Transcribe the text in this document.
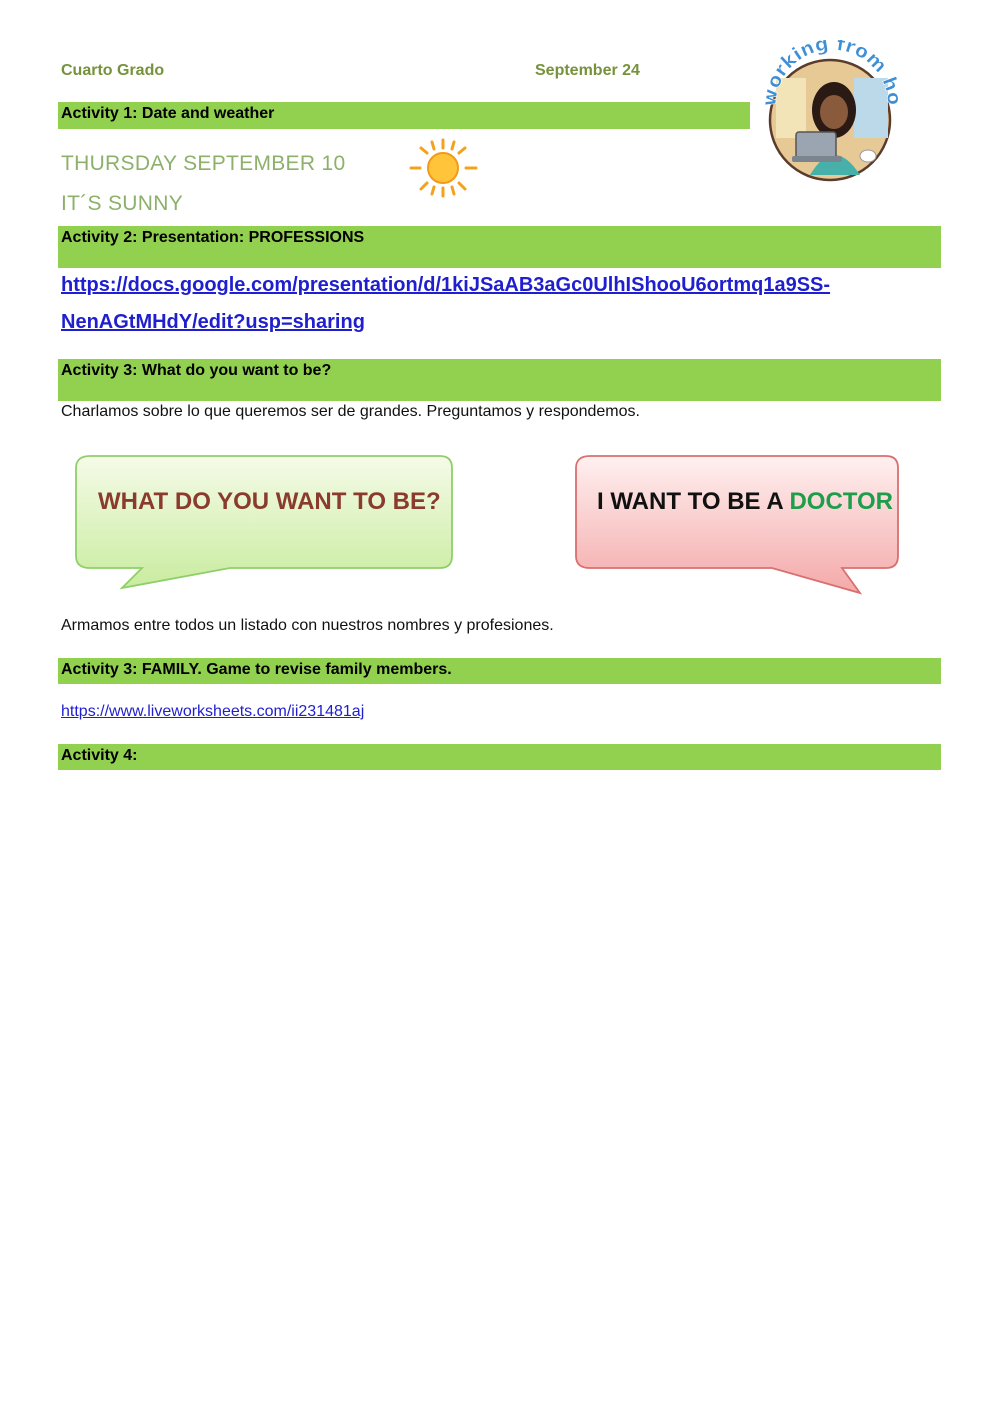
Cuarto Grado	September 24
working from h
Activity 1: Date and weather
THURSDAY SEPTEMBER 10
IT´S SUNNY
Activity 2: Presentation: PROFESSIONS
https://docs.google.com/presentation/d/1kiJSaAB3aGc0UlhIShooU6ortmq1a9SS-
NenAGtMHdY/edit?usp=sharing
Activity 3: What do you want to be?
Charlamos sobre lo que queremos ser de grandes. Preguntamos y respondemos.
WHAT DO YOU WANT TO BE?	I WANT TO BE A DOCTOR
Armamos entre todos un listado con nuestros nombres y profesiones.
Activity 3: FAMILY. Game to revise family members.
https://www.liveworksheets.com/ii231481aj
Activity 4:
